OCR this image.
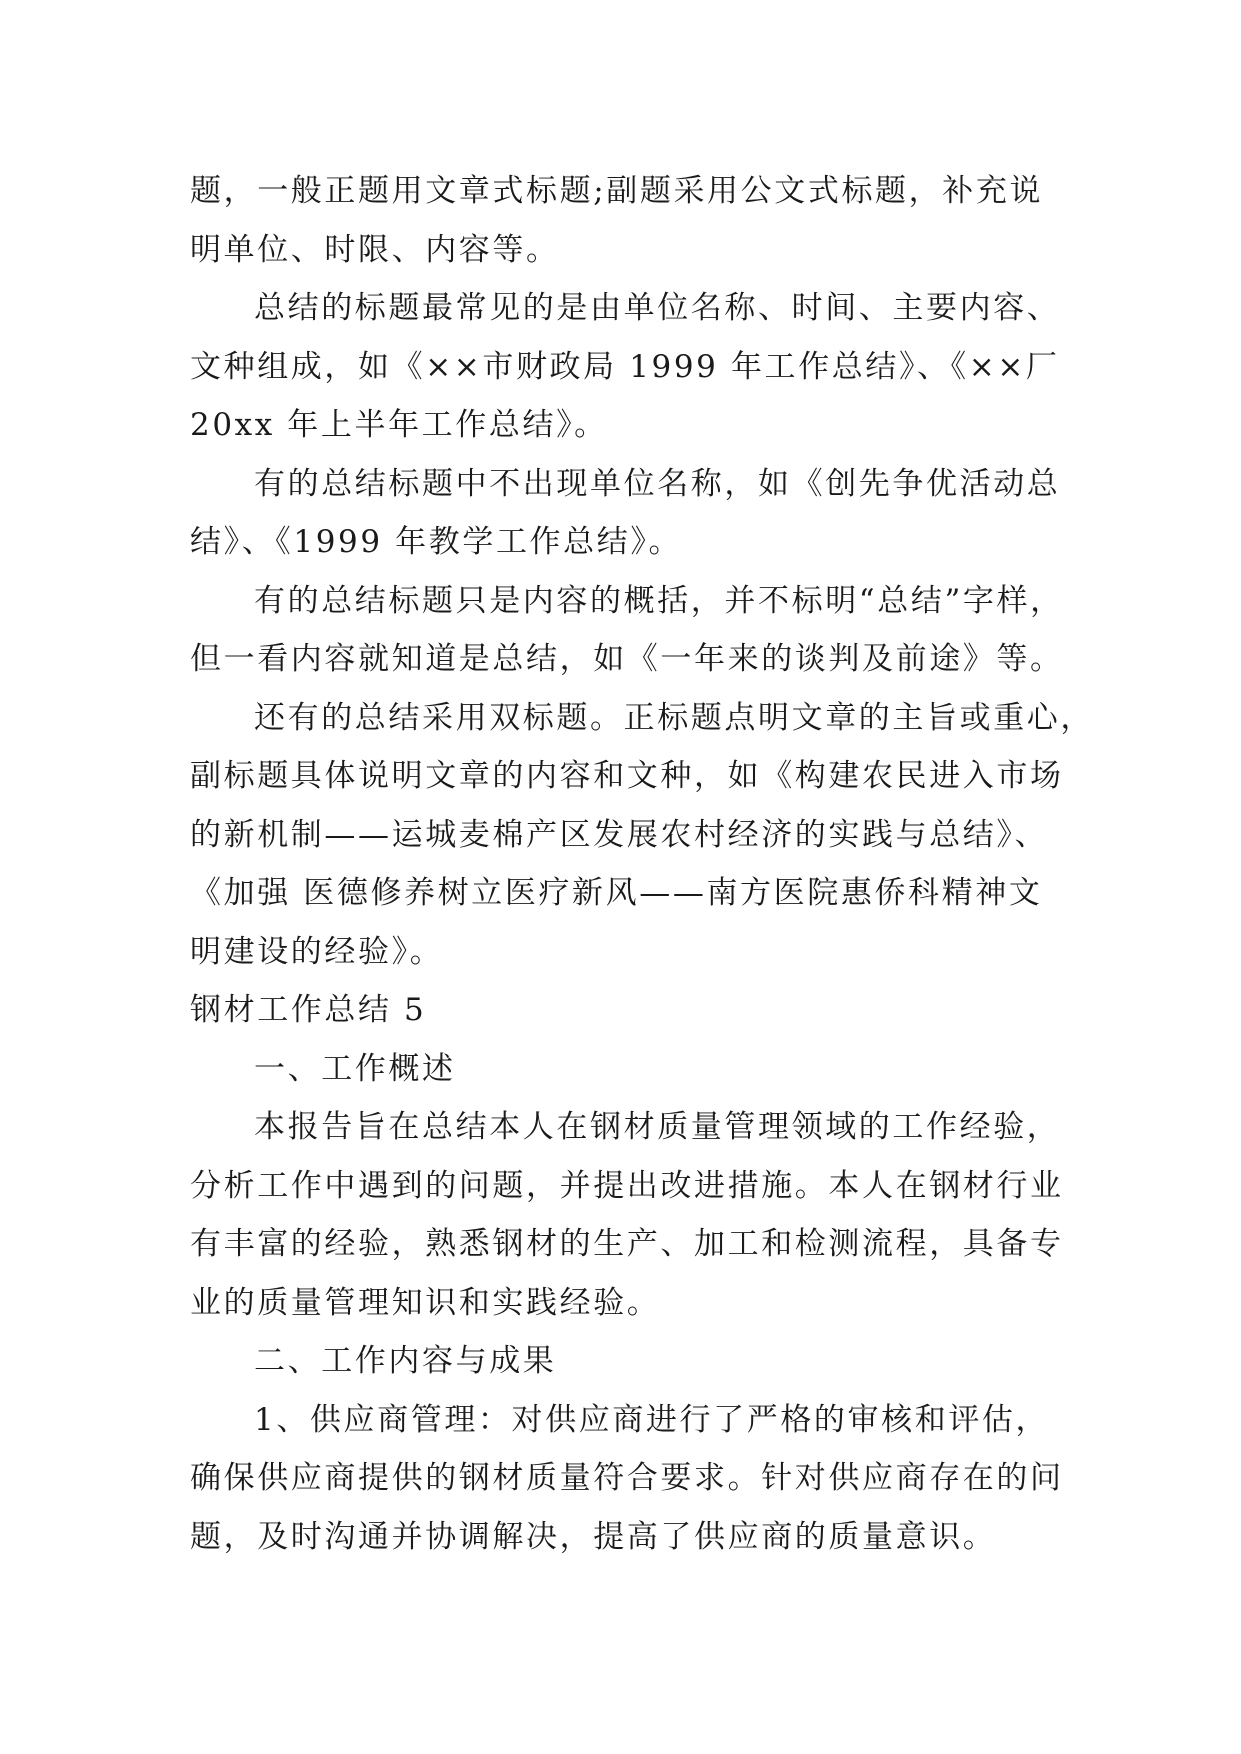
题，一般正题用文章式标题;副题采用公文式标题，补充说
明单位、时限、内容等。
总结的标题最常见的是由单位名称、时间、主要内容、
文种组成，如《××市财政局 1999 年工作总结》、《××厂
20xx 年上半年工作总结》。
有的总结标题中不出现单位名称，如《创先争优活动总
结》、《1999 年教学工作总结》。
有的总结标题只是内容的概括，并不标明“总结”字样，
但一看内容就知道是总结，如《一年来的谈判及前途》等。
还有的总结采用双标题。正标题点明文章的主旨或重心，
副标题具体说明文章的内容和文种，如《构建农民进入市场
的新机制——运城麦棉产区发展农村经济的实践与总结》、
《加强 医德修养树立医疗新风——南方医院惠侨科精神文
明建设的经验》。
钢材工作总结 5
一、工作概述
本报告旨在总结本人在钢材质量管理领域的工作经验，
分析工作中遇到的问题，并提出改进措施。本人在钢材行业
有丰富的经验，熟悉钢材的生产、加工和检测流程，具备专
业的质量管理知识和实践经验。
二、工作内容与成果
1、供应商管理：对供应商进行了严格的审核和评估，
确保供应商提供的钢材质量符合要求。针对供应商存在的问
题，及时沟通并协调解决，提高了供应商的质量意识。
